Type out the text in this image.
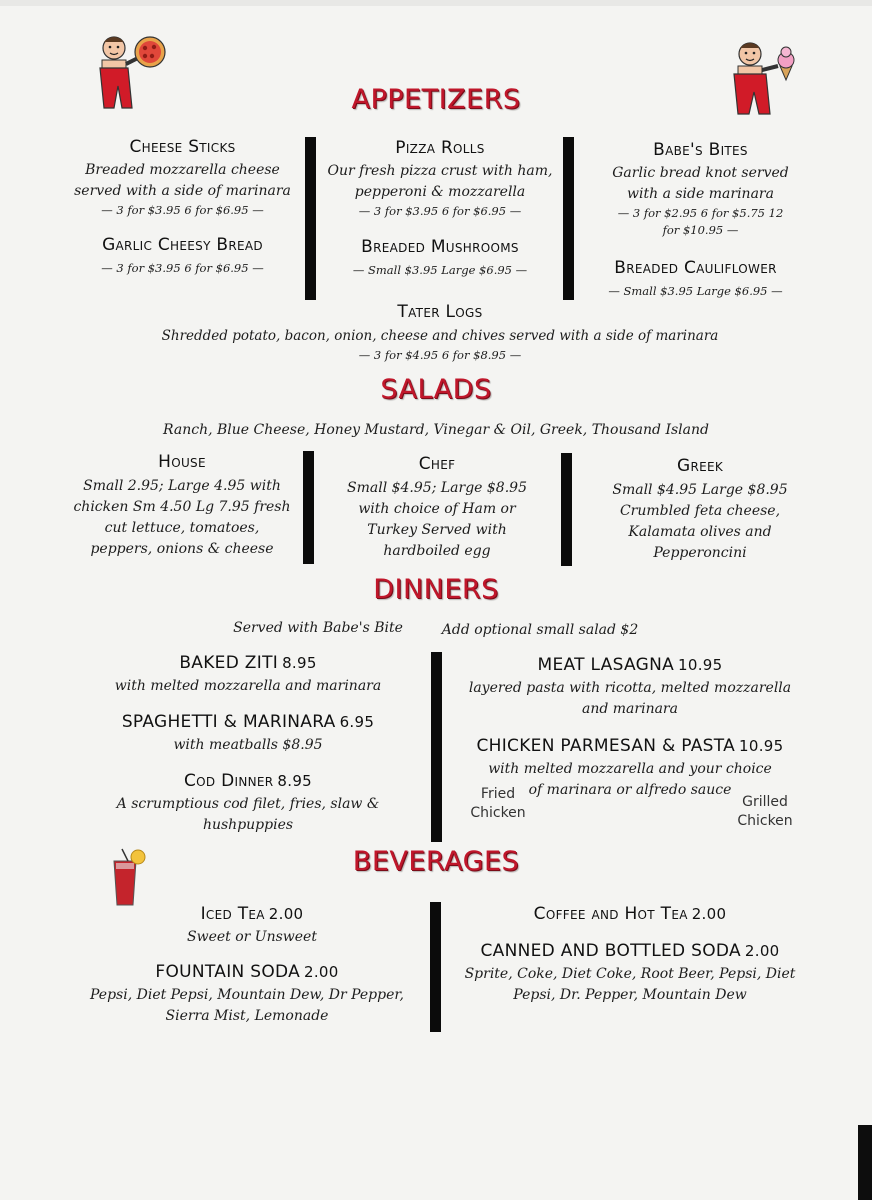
APPETIZERS
Cheese Sticks
Breaded mozzarella cheese served with a side of marinara
— 3 for $3.95 6 for $6.95 —
Garlic Cheesy Bread
— 3 for $3.95 6 for $6.95 —
Pizza Rolls
Our fresh pizza crust with ham, pepperoni & mozzarella
— 3 for $3.95 6 for $6.95 —
Breaded Mushrooms
— Small $3.95 Large $6.95 —
Babe's Bites
Garlic bread knot served with a side marinara
— 3 for $2.95 6 for $5.75 12 for $10.95 —
Breaded Cauliflower
— Small $3.95 Large $6.95 —
Tater Logs
Shredded potato, bacon, onion, cheese and chives served with a side of marinara
— 3 for $4.95 6 for $8.95 —
SALADS
Ranch, Blue Cheese, Honey Mustard, Vinegar & Oil, Greek, Thousand Island
House
Small 2.95; Large 4.95 with chicken Sm 4.50 Lg 7.95 fresh cut lettuce, tomatoes, peppers, onions & cheese
Chef
Small $4.95; Large $8.95 with choice of Ham or Turkey Served with hardboiled egg
Greek
Small $4.95 Large $8.95 Crumbled feta cheese, Kalamata olives and Pepperoncini
DINNERS
Served with Babe's Bite	Add optional small salad $2
BAKED ZITI 8.95
with melted mozzarella and marinara
SPAGHETTI & MARINARA 6.95
with meatballs $8.95
Cod Dinner 8.95
A scrumptious cod filet, fries, slaw & hushpuppies
MEAT LASAGNA 10.95
layered pasta with ricotta, melted mozzarella and marinara
CHICKEN PARMESAN & PASTA 10.95
with melted mozzarella and your choice of marinara or alfredo sauce
Fried Chicken
Grilled Chicken
BEVERAGES
Iced Tea 2.00
Sweet or Unsweet
FOUNTAIN SODA 2.00
Pepsi, Diet Pepsi, Mountain Dew, Dr Pepper, Sierra Mist, Lemonade
Coffee and Hot Tea 2.00
CANNED AND BOTTLED SODA 2.00
Sprite, Coke, Diet Coke, Root Beer, Pepsi, Diet Pepsi, Dr. Pepper, Mountain Dew
